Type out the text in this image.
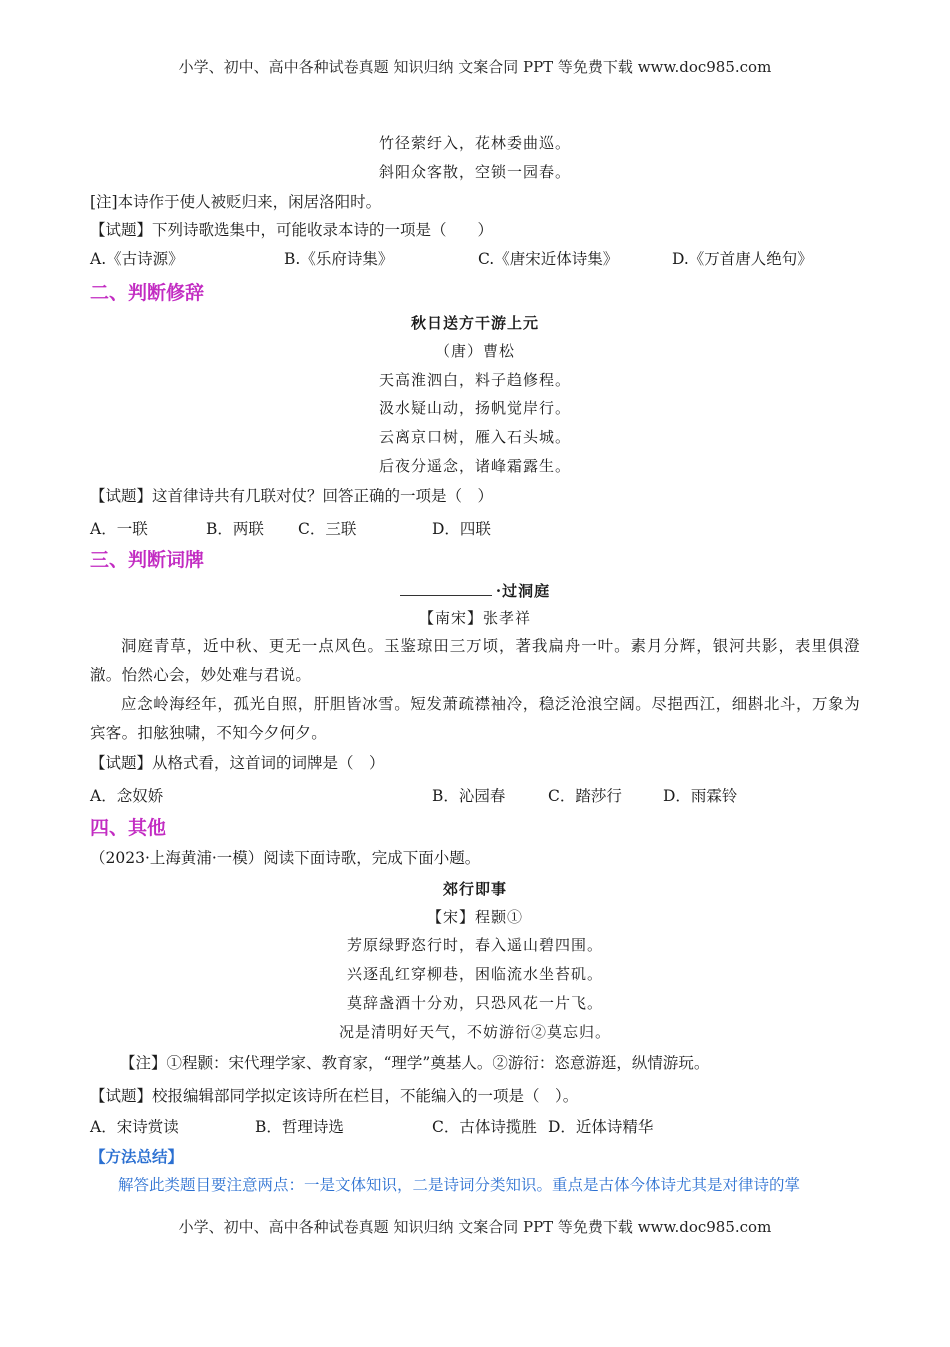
小学、初中、高中各种试卷真题 知识归纳 文案合同 PPT 等免费下载 www.doc985.com
竹径萦纡入，花林委曲巡。
斜阳众客散，空锁一园春。
[注]本诗作于使人被贬归来，闲居洛阳时。
【试题】下列诗歌选集中，可能收录本诗的一项是（　　）
A.《古诗源》	B.《乐府诗集》	C.《唐宋近体诗集》	D.《万首唐人绝句》
二、判断修辞
秋日送方干游上元
（唐）曹松
天高淮泗白，料子趋修程。
汲水疑山动，扬帆觉岸行。
云离京口树，雁入石头城。
后夜分遥念，诸峰霜露生。
【试题】这首律诗共有几联对仗？回答正确的一项是（　）
A．一联	B．两联 C．三联	D．四联
三、判断词牌
·过洞庭
【南宋】张孝祥
洞庭青草，近中秋、更无一点风色。玉鉴琼田三万顷，著我扁舟一叶。素月分辉，银河共影，表里俱澄澈。怡然心会，妙处难与君说。
应念岭海经年，孤光自照，肝胆皆冰雪。短发萧疏襟袖冷，稳泛沧浪空阔。尽挹西江，细斟北斗，万象为宾客。扣舷独啸，不知今夕何夕。
【试题】从格式看，这首词的词牌是（　）
A．念奴娇	B．沁园春	C．踏莎行	D．雨霖铃
四、其他
（2023·上海黄浦·一模）阅读下面诗歌，完成下面小题。
郊行即事
【宋】程颢①
芳原绿野恣行时，春入遥山碧四围。
兴逐乱红穿柳巷，困临流水坐苔矶。
莫辞盏酒十分劝，只恐风花一片飞。
况是清明好天气，不妨游衍②莫忘归。
【注】①程颢：宋代理学家、教育家，“理学”奠基人。②游衍：恣意游逛，纵情游玩。
【试题】校报编辑部同学拟定该诗所在栏目，不能编入的一项是（　）。
A．宋诗赏读	B．哲理诗选	C．古体诗揽胜 D．近体诗精华
【方法总结】
解答此类题目要注意两点：一是文体知识，二是诗词分类知识。重点是古体今体诗尤其是对律诗的掌
小学、初中、高中各种试卷真题 知识归纳 文案合同 PPT 等免费下载 www.doc985.com
